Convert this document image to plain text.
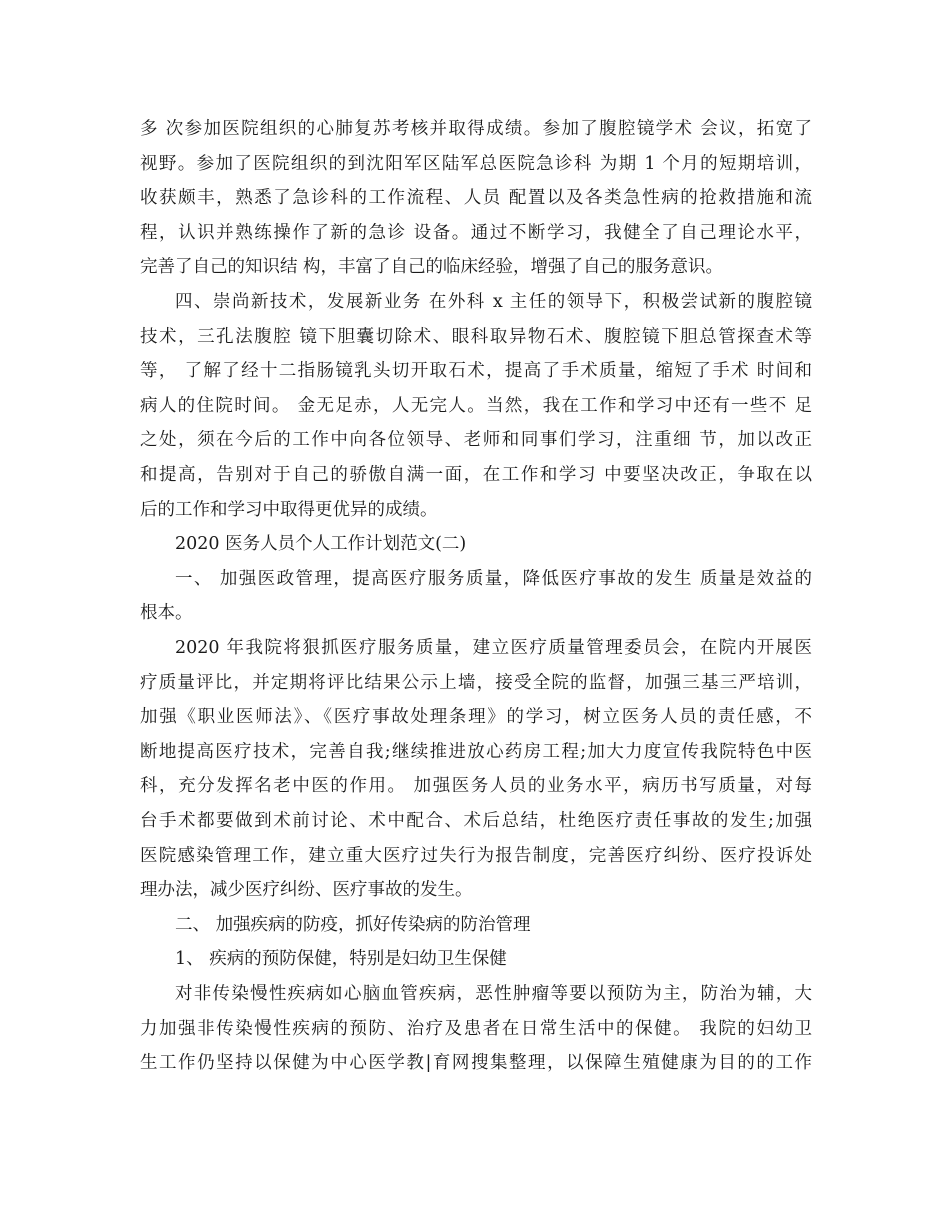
多 次参加医院组织的心肺复苏考核并取得成绩。参加了腹腔镜学术 会议，拓宽了
视野。参加了医院组织的到沈阳军区陆军总医院急诊科 为期 1 个月的短期培训，
收获颇丰，熟悉了急诊科的工作流程、人员 配置以及各类急性病的抢救措施和流
程，认识并熟练操作了新的急诊 设备。通过不断学习，我健全了自己理论水平，
完善了自己的知识结 构，丰富了自己的临床经验，增强了自己的服务意识。
四、崇尚新技术，发展新业务 在外科 x 主任的领导下，积极尝试新的腹腔镜
技术，三孔法腹腔 镜下胆囊切除术、眼科取异物石术、腹腔镜下胆总管探查术等
等， 了解了经十二指肠镜乳头切开取石术，提高了手术质量，缩短了手术 时间和
病人的住院时间。 金无足赤，人无完人。当然，我在工作和学习中还有一些不 足
之处，须在今后的工作中向各位领导、老师和同事们学习，注重细 节，加以改正
和提高，告别对于自己的骄傲自满一面，在工作和学习 中要坚决改正，争取在以
后的工作和学习中取得更优异的成绩。
2020 医务人员个人工作计划范文(二)
一、 加强医政管理，提高医疗服务质量，降低医疗事故的发生 质量是效益的
根本。
2020 年我院将狠抓医疗服务质量，建立医疗质量管理委员会，在院内开展医
疗质量评比，并定期将评比结果公示上墙，接受全院的监督，加强三基三严培训，
加强《职业医师法》、《医疗事故处理条理》的学习，树立医务人员的责任感，不
断地提高医疗技术，完善自我;继续推进放心药房工程;加大力度宣传我院特色中医
科，充分发挥名老中医的作用。 加强医务人员的业务水平，病历书写质量，对每
台手术都要做到术前讨论、术中配合、术后总结，杜绝医疗责任事故的发生;加强
医院感染管理工作，建立重大医疗过失行为报告制度，完善医疗纠纷、医疗投诉处
理办法，减少医疗纠纷、医疗事故的发生。
二、 加强疾病的防疫，抓好传染病的防治管理
1、 疾病的预防保健，特别是妇幼卫生保健
对非传染慢性疾病如心脑血管疾病，恶性肿瘤等要以预防为主，防治为辅，大
力加强非传染慢性疾病的预防、治疗及患者在日常生活中的保健。 我院的妇幼卫
生工作仍坚持以保健为中心医学教|育网搜集整理，以保障生殖健康为目的的工作
